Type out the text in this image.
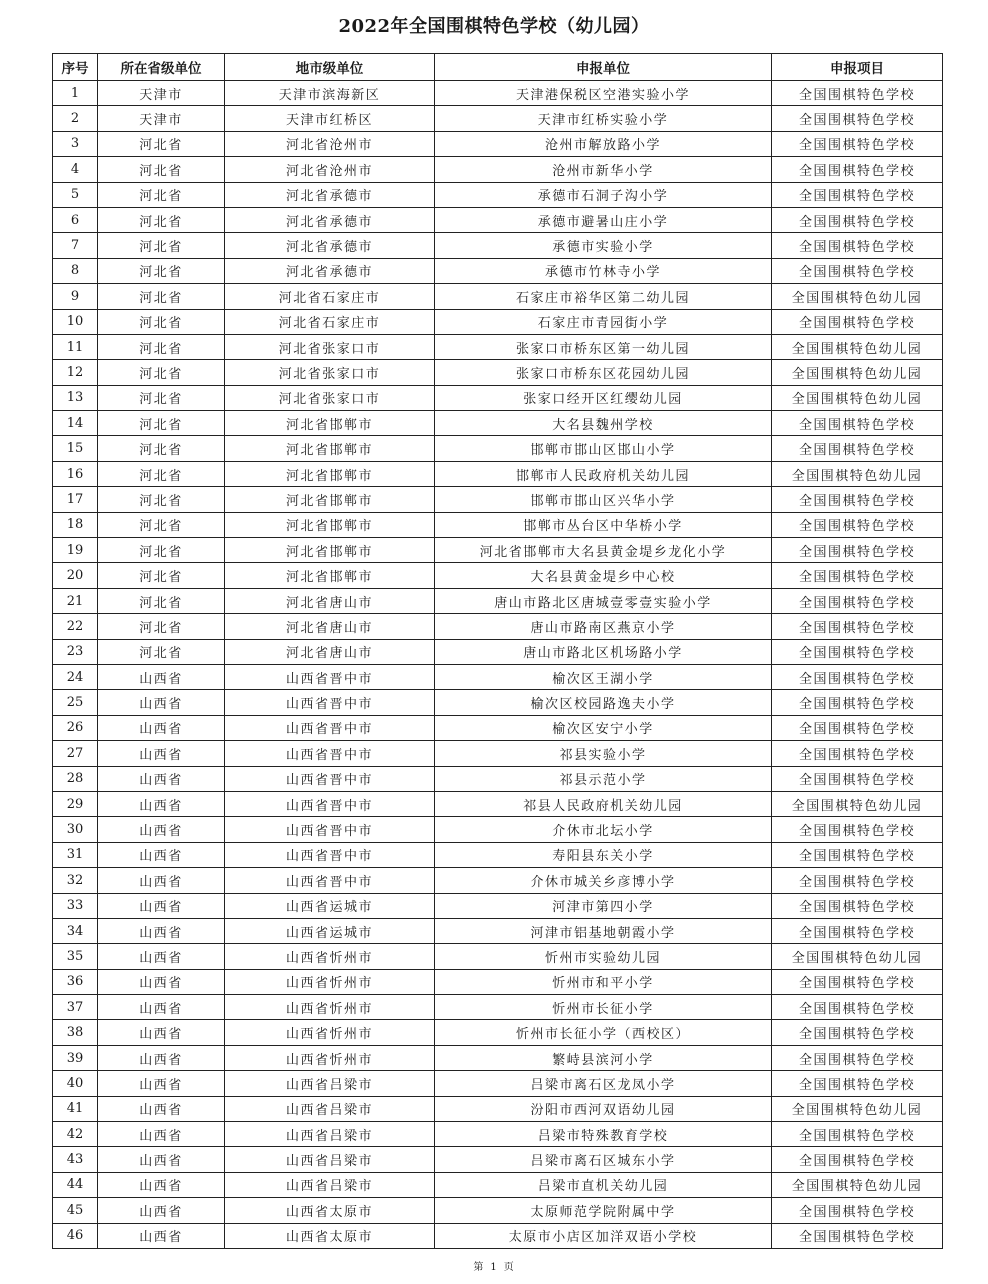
2022年全国围棋特色学校（幼儿园）
序号	所在省级单位	地市级单位	申报单位	申报项目
1	天津市	天津市滨海新区	天津港保税区空港实验小学	全国围棋特色学校
2	天津市	天津市红桥区	天津市红桥实验小学	全国围棋特色学校
3	河北省	河北省沧州市	沧州市解放路小学	全国围棋特色学校
4	河北省	河北省沧州市	沧州市新华小学	全国围棋特色学校
5	河北省	河北省承德市	承德市石洞子沟小学	全国围棋特色学校
6	河北省	河北省承德市	承德市避暑山庄小学	全国围棋特色学校
7	河北省	河北省承德市	承德市实验小学	全国围棋特色学校
8	河北省	河北省承德市	承德市竹林寺小学	全国围棋特色学校
9	河北省	河北省石家庄市	石家庄市裕华区第二幼儿园	全国围棋特色幼儿园
10	河北省	河北省石家庄市	石家庄市青园街小学	全国围棋特色学校
11	河北省	河北省张家口市	张家口市桥东区第一幼儿园	全国围棋特色幼儿园
12	河北省	河北省张家口市	张家口市桥东区花园幼儿园	全国围棋特色幼儿园
13	河北省	河北省张家口市	张家口经开区红缨幼儿园	全国围棋特色幼儿园
14	河北省	河北省邯郸市	大名县魏州学校	全国围棋特色学校
15	河北省	河北省邯郸市	邯郸市邯山区邯山小学	全国围棋特色学校
16	河北省	河北省邯郸市	邯郸市人民政府机关幼儿园	全国围棋特色幼儿园
17	河北省	河北省邯郸市	邯郸市邯山区兴华小学	全国围棋特色学校
18	河北省	河北省邯郸市	邯郸市丛台区中华桥小学	全国围棋特色学校
19	河北省	河北省邯郸市	河北省邯郸市大名县黄金堤乡龙化小学	全国围棋特色学校
20	河北省	河北省邯郸市	大名县黄金堤乡中心校	全国围棋特色学校
21	河北省	河北省唐山市	唐山市路北区唐城壹零壹实验小学	全国围棋特色学校
22	河北省	河北省唐山市	唐山市路南区燕京小学	全国围棋特色学校
23	河北省	河北省唐山市	唐山市路北区机场路小学	全国围棋特色学校
24	山西省	山西省晋中市	榆次区王湖小学	全国围棋特色学校
25	山西省	山西省晋中市	榆次区校园路逸夫小学	全国围棋特色学校
26	山西省	山西省晋中市	榆次区安宁小学	全国围棋特色学校
27	山西省	山西省晋中市	祁县实验小学	全国围棋特色学校
28	山西省	山西省晋中市	祁县示范小学	全国围棋特色学校
29	山西省	山西省晋中市	祁县人民政府机关幼儿园	全国围棋特色幼儿园
30	山西省	山西省晋中市	介休市北坛小学	全国围棋特色学校
31	山西省	山西省晋中市	寿阳县东关小学	全国围棋特色学校
32	山西省	山西省晋中市	介休市城关乡彦博小学	全国围棋特色学校
33	山西省	山西省运城市	河津市第四小学	全国围棋特色学校
34	山西省	山西省运城市	河津市铝基地朝霞小学	全国围棋特色学校
35	山西省	山西省忻州市	忻州市实验幼儿园	全国围棋特色幼儿园
36	山西省	山西省忻州市	忻州市和平小学	全国围棋特色学校
37	山西省	山西省忻州市	忻州市长征小学	全国围棋特色学校
38	山西省	山西省忻州市	忻州市长征小学（西校区）	全国围棋特色学校
39	山西省	山西省忻州市	繁峙县滨河小学	全国围棋特色学校
40	山西省	山西省吕梁市	吕梁市离石区龙凤小学	全国围棋特色学校
41	山西省	山西省吕梁市	汾阳市西河双语幼儿园	全国围棋特色幼儿园
42	山西省	山西省吕梁市	吕梁市特殊教育学校	全国围棋特色学校
43	山西省	山西省吕梁市	吕梁市离石区城东小学	全国围棋特色学校
44	山西省	山西省吕梁市	吕梁市直机关幼儿园	全国围棋特色幼儿园
45	山西省	山西省太原市	太原师范学院附属中学	全国围棋特色学校
46	山西省	山西省太原市	太原市小店区加洋双语小学校	全国围棋特色学校
第 1 页
